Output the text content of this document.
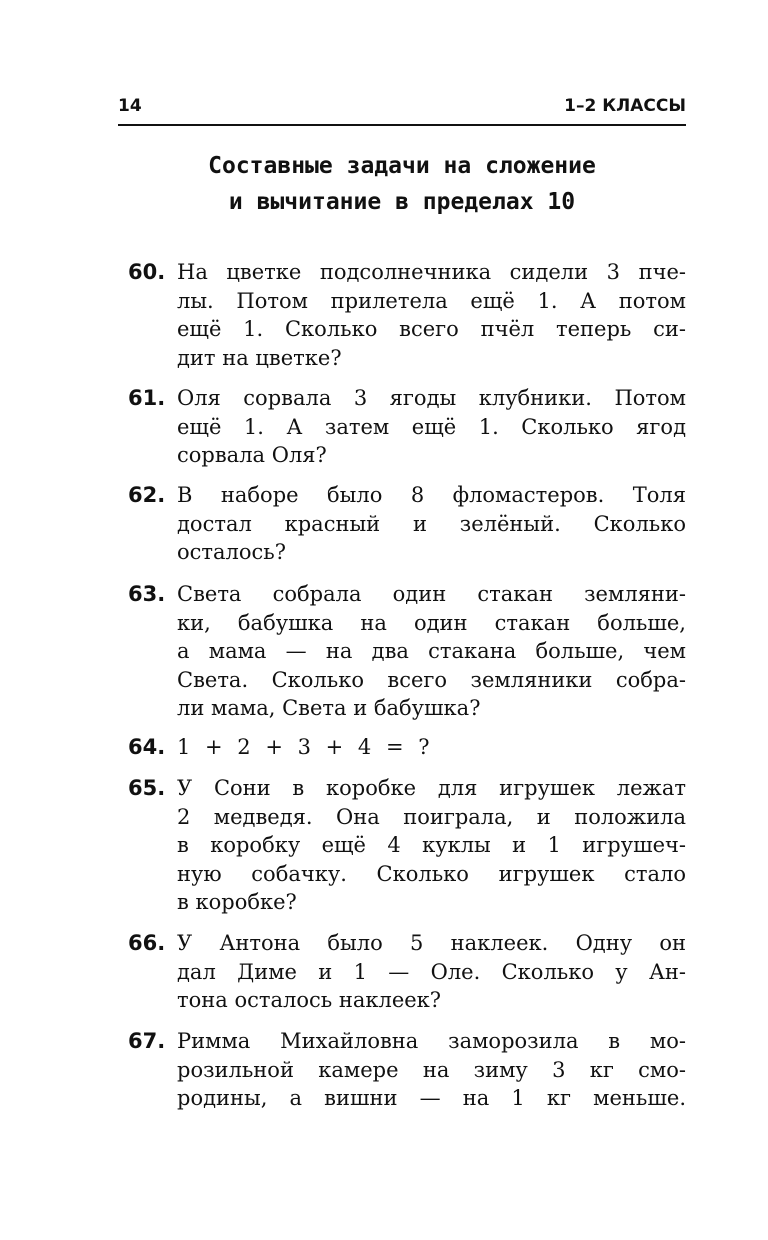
14	1–2 КЛАССЫ
Составные задачи на сложение
и вычитание в пределах 10
60. На цветке подсолнечника сидели 3 пче-
лы. Потом прилетела ещё 1. А потом
ещё 1. Сколько всего пчёл теперь си-
дит на цветке?
61. Оля сорвала 3 ягоды клубники. Потом
ещё 1. А затем ещё 1. Сколько ягод
сорвала Оля?
62. В наборе было 8 фломастеров. Толя
достал красный и зелёный. Сколько
осталось?
63. Света собрала один стакан земляни-
ки, бабушка на один стакан больше,
а мама — на два стакана больше, чем
Света. Сколько всего земляники собра-
ли мама, Света и бабушка?
64. 1 + 2 + 3 + 4 = ?
65. У Сони в коробке для игрушек лежат
2 медведя. Она поиграла, и положила
в коробку ещё 4 куклы и 1 игрушеч-
ную собачку. Сколько игрушек стало
в коробке?
66. У Антона было 5 наклеек. Одну он
дал Диме и 1 — Оле. Сколько у Ан-
тона осталось наклеек?
67. Римма Михайловна заморозила в мо-
розильной камере на зиму 3 кг смо-
родины, а вишни — на 1 кг меньше.
